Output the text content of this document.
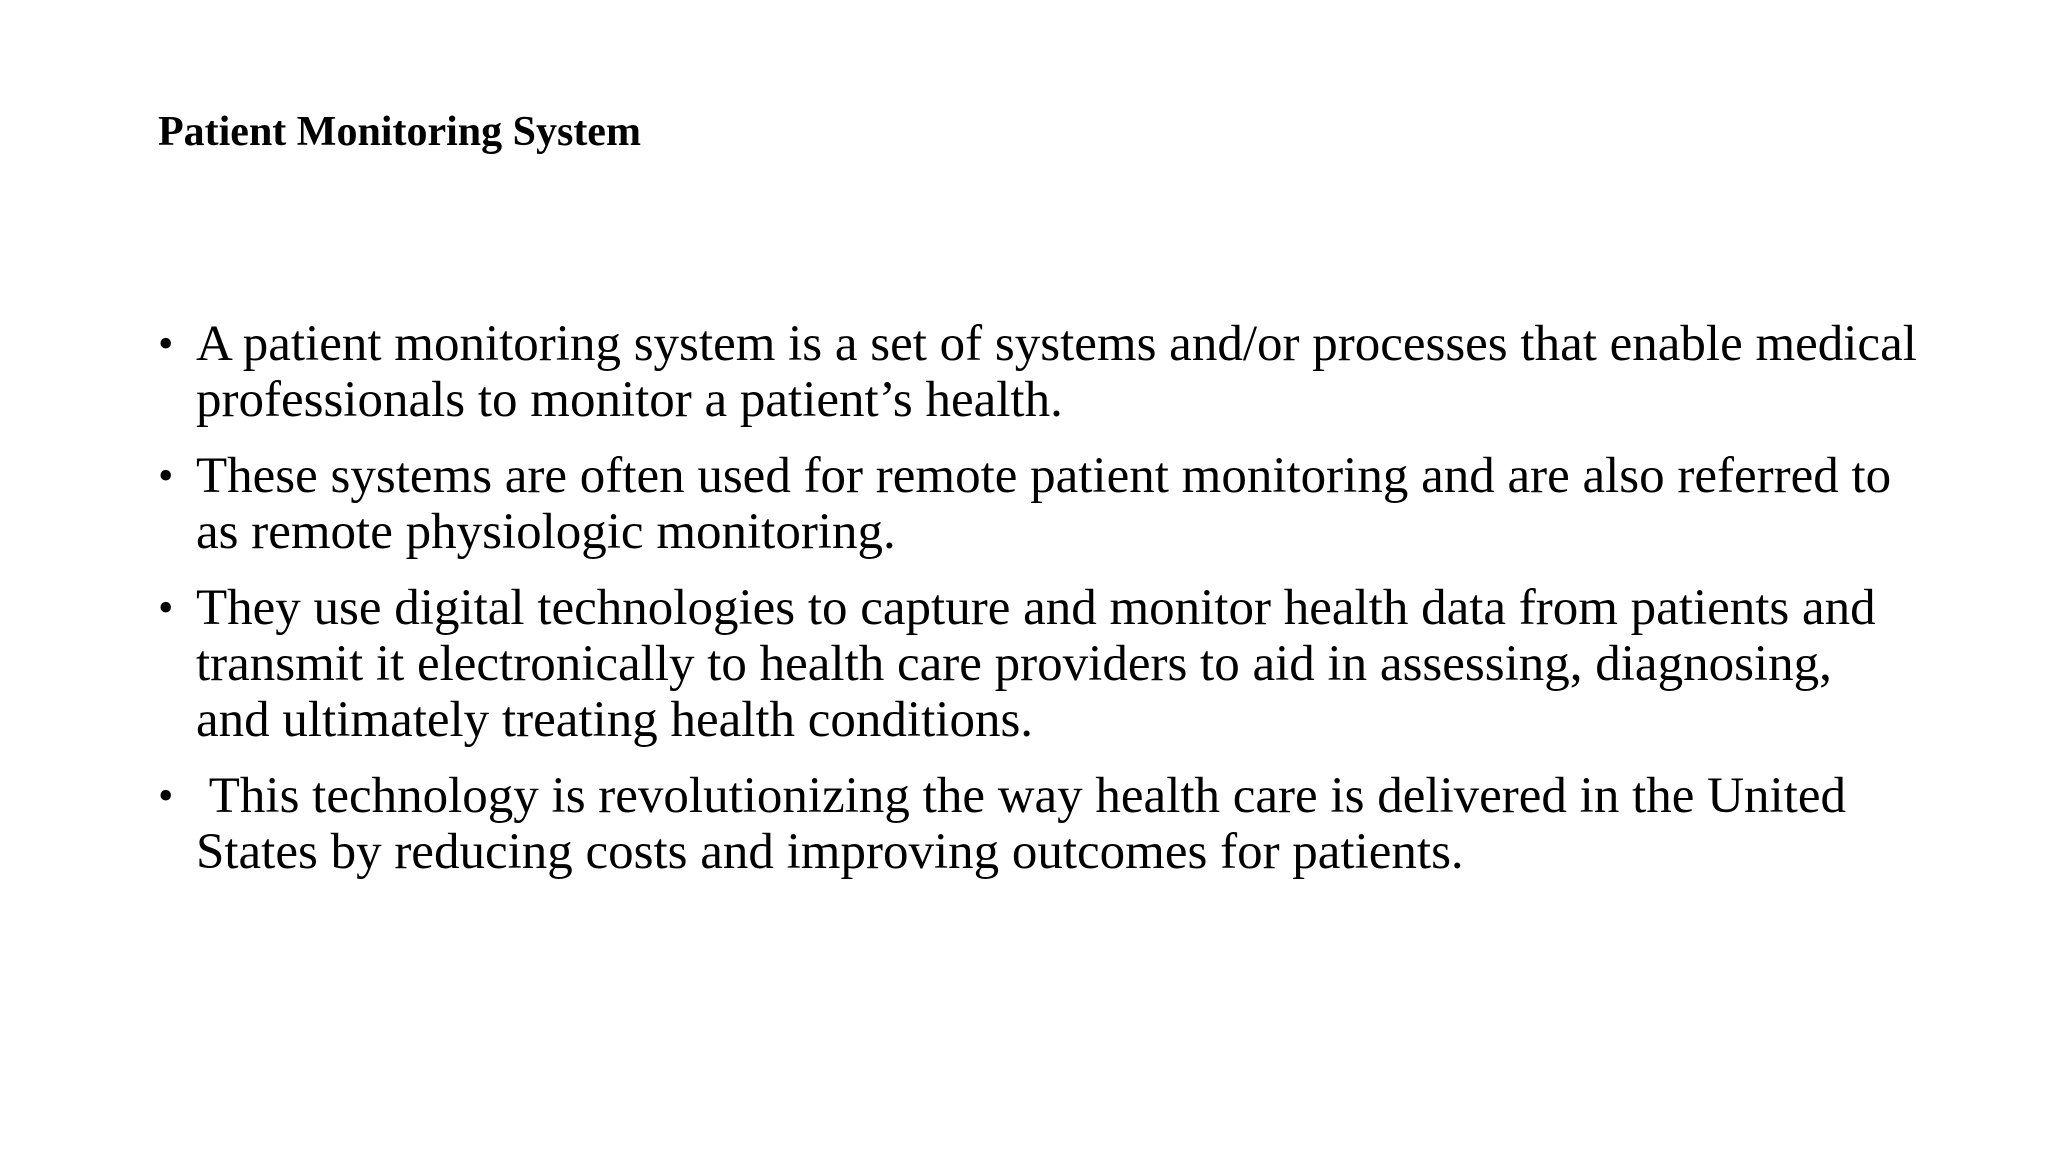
Patient Monitoring System
• A patient monitoring system is a set of systems and/or processes that enable medical professionals to monitor a patient’s health.
• These systems are often used for remote patient monitoring and are also referred to as remote physiologic monitoring.
• They use digital technologies to capture and monitor health data from patients and transmit it electronically to health care providers to aid in assessing, diagnosing, and ultimately treating health conditions.
• This technology is revolutionizing the way health care is delivered in the United States by reducing costs and improving outcomes for patients.
